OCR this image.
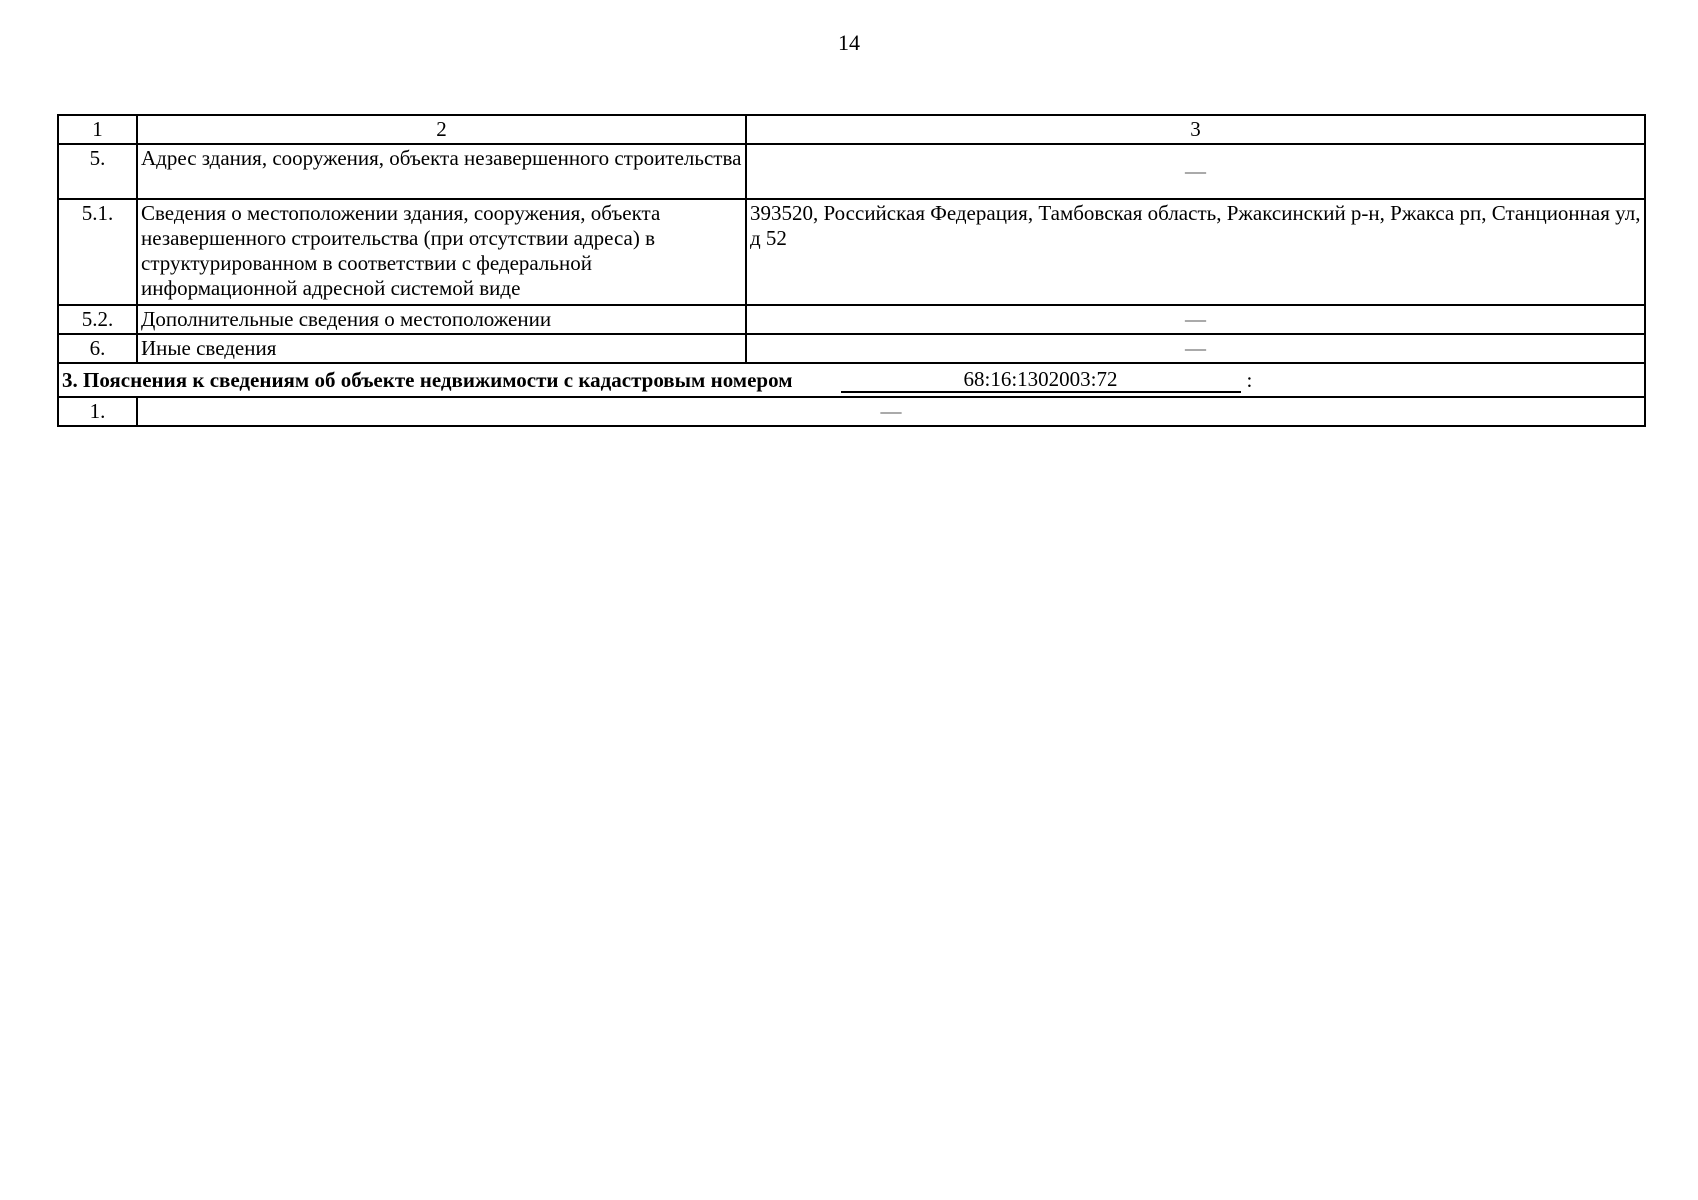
14
1	2	3
5.	Адрес здания, сооружения, объекта незавершенного строительства	—
5.1.	Сведения о местоположении здания, сооружения, объекта незавершенного строительства (при отсутствии адреса) в структурированном в соответствии с федеральной информационной адресной системой виде	393520, Российская Федерация, Тамбовская область, Ржаксинский р-н, Ржакса рп, Станционная ул, д 52
5.2.	Дополнительные сведения о местоположении	—
6.	Иные сведения	—

3. Пояснения к сведениям об объекте недвижимости с кадастровым номером 68:16:1302003:72 :		

1.	—	
